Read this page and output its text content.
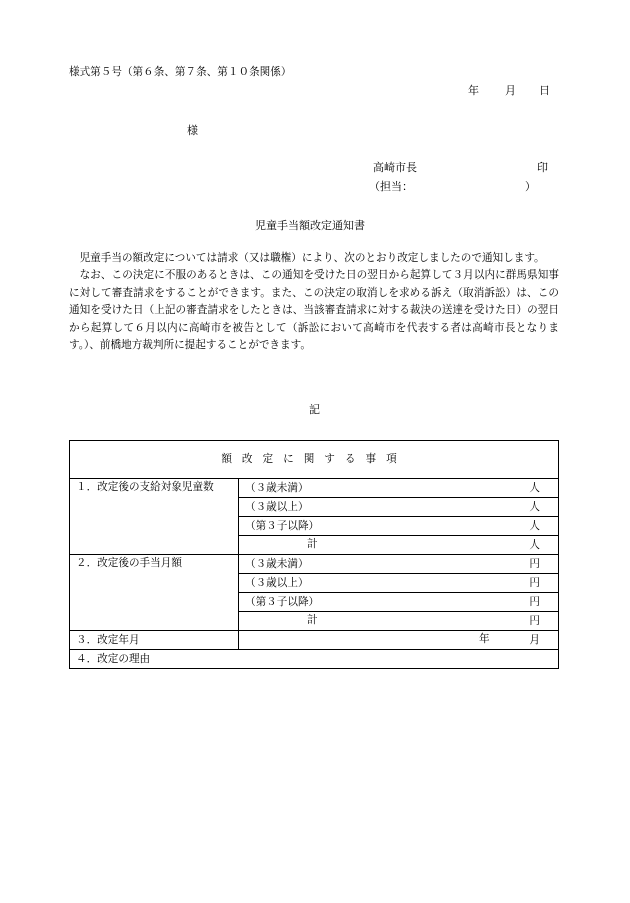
様式第５号（第６条、第７条、第１０条関係）
年 月 日
様
高崎市長	印
（担当：	）
児童手当額改定通知書

児童手当の額改定については請求（又は職権）により、次のとおり改定しましたので通知します。

なお、この決定に不服のあるときは、この通知を受けた日の翌日から起算して３月以内に群馬県知事に対して審査請求をすることができます。また、この決定の取消しを求める訴え（取消訴訟）は、この通知を受けた日（上記の審査請求をしたときは、当該審査請求に対する裁決の送達を受けた日）の翌日から起算して６月以内に高崎市を被告として（訴訟において高崎市を代表する者は高崎市長となります。）、前橋地方裁判所に提起することができます。

記
額改定に関する事項	
１．改定後の支給対象児童数	（３歳未満） 人

	（３歳以上） 人

	（第３子以降） 人

	計 人

２．改定後の手当月額	（３歳未満） 円

	（３歳以上） 円

	（第３子以降） 円

	計 円

３．改定年月	年 月

４．改定の理由	
